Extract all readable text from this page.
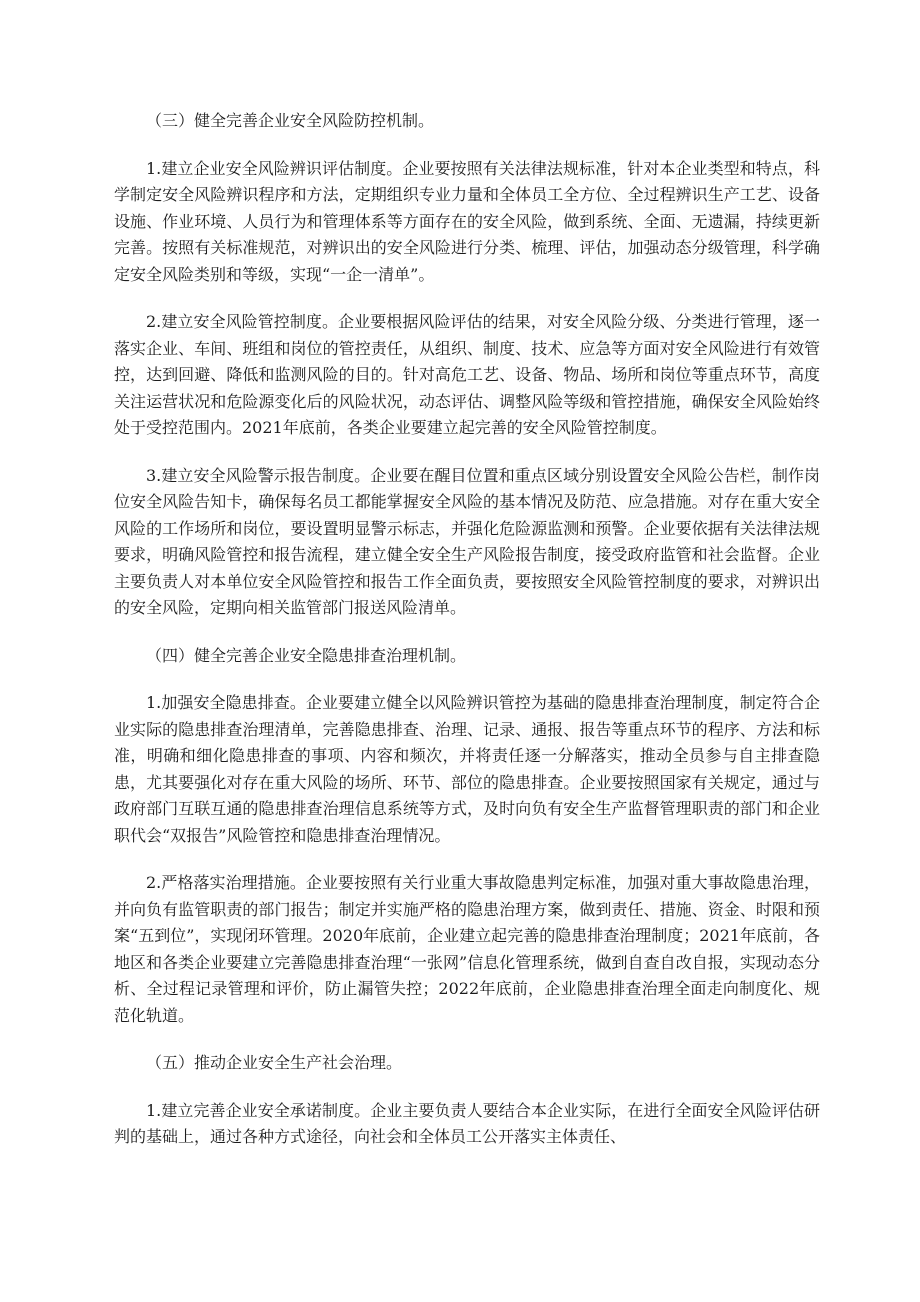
（三）健全完善企业安全风险防控机制。

1.建立企业安全风险辨识评估制度。企业要按照有关法律法规标准，针对本企业类型和特点，科学制定安全风险辨识程序和方法，定期组织专业力量和全体员工全方位、全过程辨识生产工艺、设备设施、作业环境、人员行为和管理体系等方面存在的安全风险，做到系统、全面、无遗漏，持续更新完善。按照有关标准规范，对辨识出的安全风险进行分类、梳理、评估，加强动态分级管理，科学确定安全风险类别和等级，实现“一企一清单”。

2.建立安全风险管控制度。企业要根据风险评估的结果，对安全风险分级、分类进行管理，逐一落实企业、车间、班组和岗位的管控责任，从组织、制度、技术、应急等方面对安全风险进行有效管控，达到回避、降低和监测风险的目的。针对高危工艺、设备、物品、场所和岗位等重点环节，高度关注运营状况和危险源变化后的风险状况，动态评估、调整风险等级和管控措施，确保安全风险始终处于受控范围内。2021年底前，各类企业要建立起完善的安全风险管控制度。

3.建立安全风险警示报告制度。企业要在醒目位置和重点区域分别设置安全风险公告栏，制作岗位安全风险告知卡，确保每名员工都能掌握安全风险的基本情况及防范、应急措施。对存在重大安全风险的工作场所和岗位，要设置明显警示标志，并强化危险源监测和预警。企业要依据有关法律法规要求，明确风险管控和报告流程，建立健全安全生产风险报告制度，接受政府监管和社会监督。企业主要负责人对本单位安全风险管控和报告工作全面负责，要按照安全风险管控制度的要求，对辨识出的安全风险，定期向相关监管部门报送风险清单。

（四）健全完善企业安全隐患排查治理机制。

1.加强安全隐患排查。企业要建立健全以风险辨识管控为基础的隐患排查治理制度，制定符合企业实际的隐患排查治理清单，完善隐患排查、治理、记录、通报、报告等重点环节的程序、方法和标准，明确和细化隐患排查的事项、内容和频次，并将责任逐一分解落实，推动全员参与自主排查隐患，尤其要强化对存在重大风险的场所、环节、部位的隐患排查。企业要按照国家有关规定，通过与政府部门互联互通的隐患排查治理信息系统等方式，及时向负有安全生产监督管理职责的部门和企业职代会“双报告”风险管控和隐患排查治理情况。

2.严格落实治理措施。企业要按照有关行业重大事故隐患判定标准，加强对重大事故隐患治理，并向负有监管职责的部门报告；制定并实施严格的隐患治理方案，做到责任、措施、资金、时限和预案“五到位”，实现闭环管理。2020年底前，企业建立起完善的隐患排查治理制度；2021年底前，各地区和各类企业要建立完善隐患排查治理“一张网”信息化管理系统，做到自查自改自报，实现动态分析、全过程记录管理和评价，防止漏管失控；2022年底前，企业隐患排查治理全面走向制度化、规范化轨道。

（五）推动企业安全生产社会治理。

1.建立完善企业安全承诺制度。企业主要负责人要结合本企业实际，在进行全面安全风险评估研判的基础上，通过各种方式途径，向社会和全体员工公开落实主体责任、
